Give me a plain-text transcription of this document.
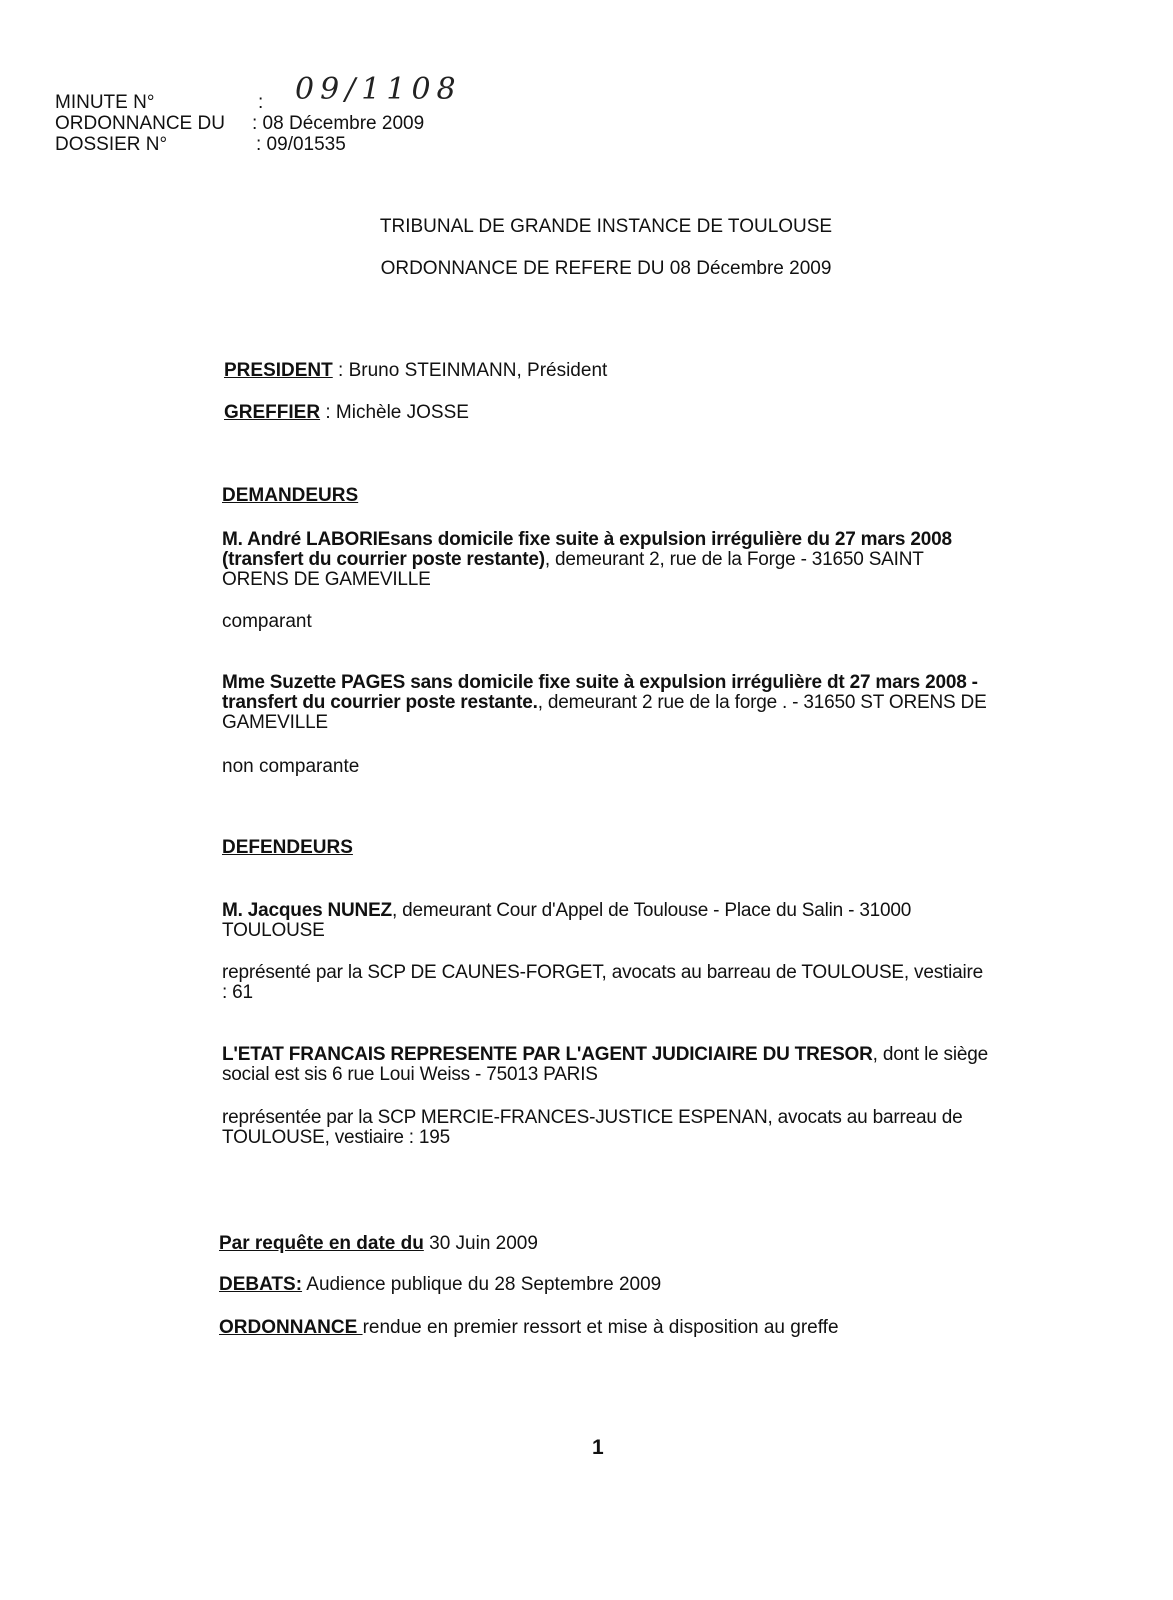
MINUTE N°	: 09/1108
ORDONNANCE DU : 08 Décembre 2009
DOSSIER N°	: 09/01535
TRIBUNAL DE GRANDE INSTANCE DE TOULOUSE
ORDONNANCE DE REFERE DU 08 Décembre 2009
PRESIDENT : Bruno STEINMANN, Président
GREFFIER : Michèle JOSSE
DEMANDEURS
M. André LABORIEsans domicile fixe suite à expulsion irrégulière du 27 mars 2008 (transfert du courrier poste restante), demeurant 2, rue de la Forge - 31650 SAINT ORENS DE GAMEVILLE
comparant
Mme Suzette PAGES sans domicile fixe suite à expulsion irrégulière dt 27 mars 2008 - transfert du courrier poste restante., demeurant 2 rue de la forge . - 31650 ST ORENS DE GAMEVILLE
non comparante
DEFENDEURS
M. Jacques NUNEZ, demeurant Cour d'Appel de Toulouse - Place du Salin - 31000 TOULOUSE
représenté par la SCP DE CAUNES-FORGET, avocats au barreau de TOULOUSE, vestiaire : 61
L'ETAT FRANCAIS REPRESENTE PAR L'AGENT JUDICIAIRE DU TRESOR, dont le siège social est sis 6 rue Loui Weiss - 75013 PARIS
représentée par la SCP MERCIE-FRANCES-JUSTICE ESPENAN, avocats au barreau de TOULOUSE, vestiaire : 195
Par requête en date du 30 Juin 2009
DEBATS: Audience publique du 28 Septembre 2009
ORDONNANCE rendue en premier ressort et mise à disposition au greffe
1
